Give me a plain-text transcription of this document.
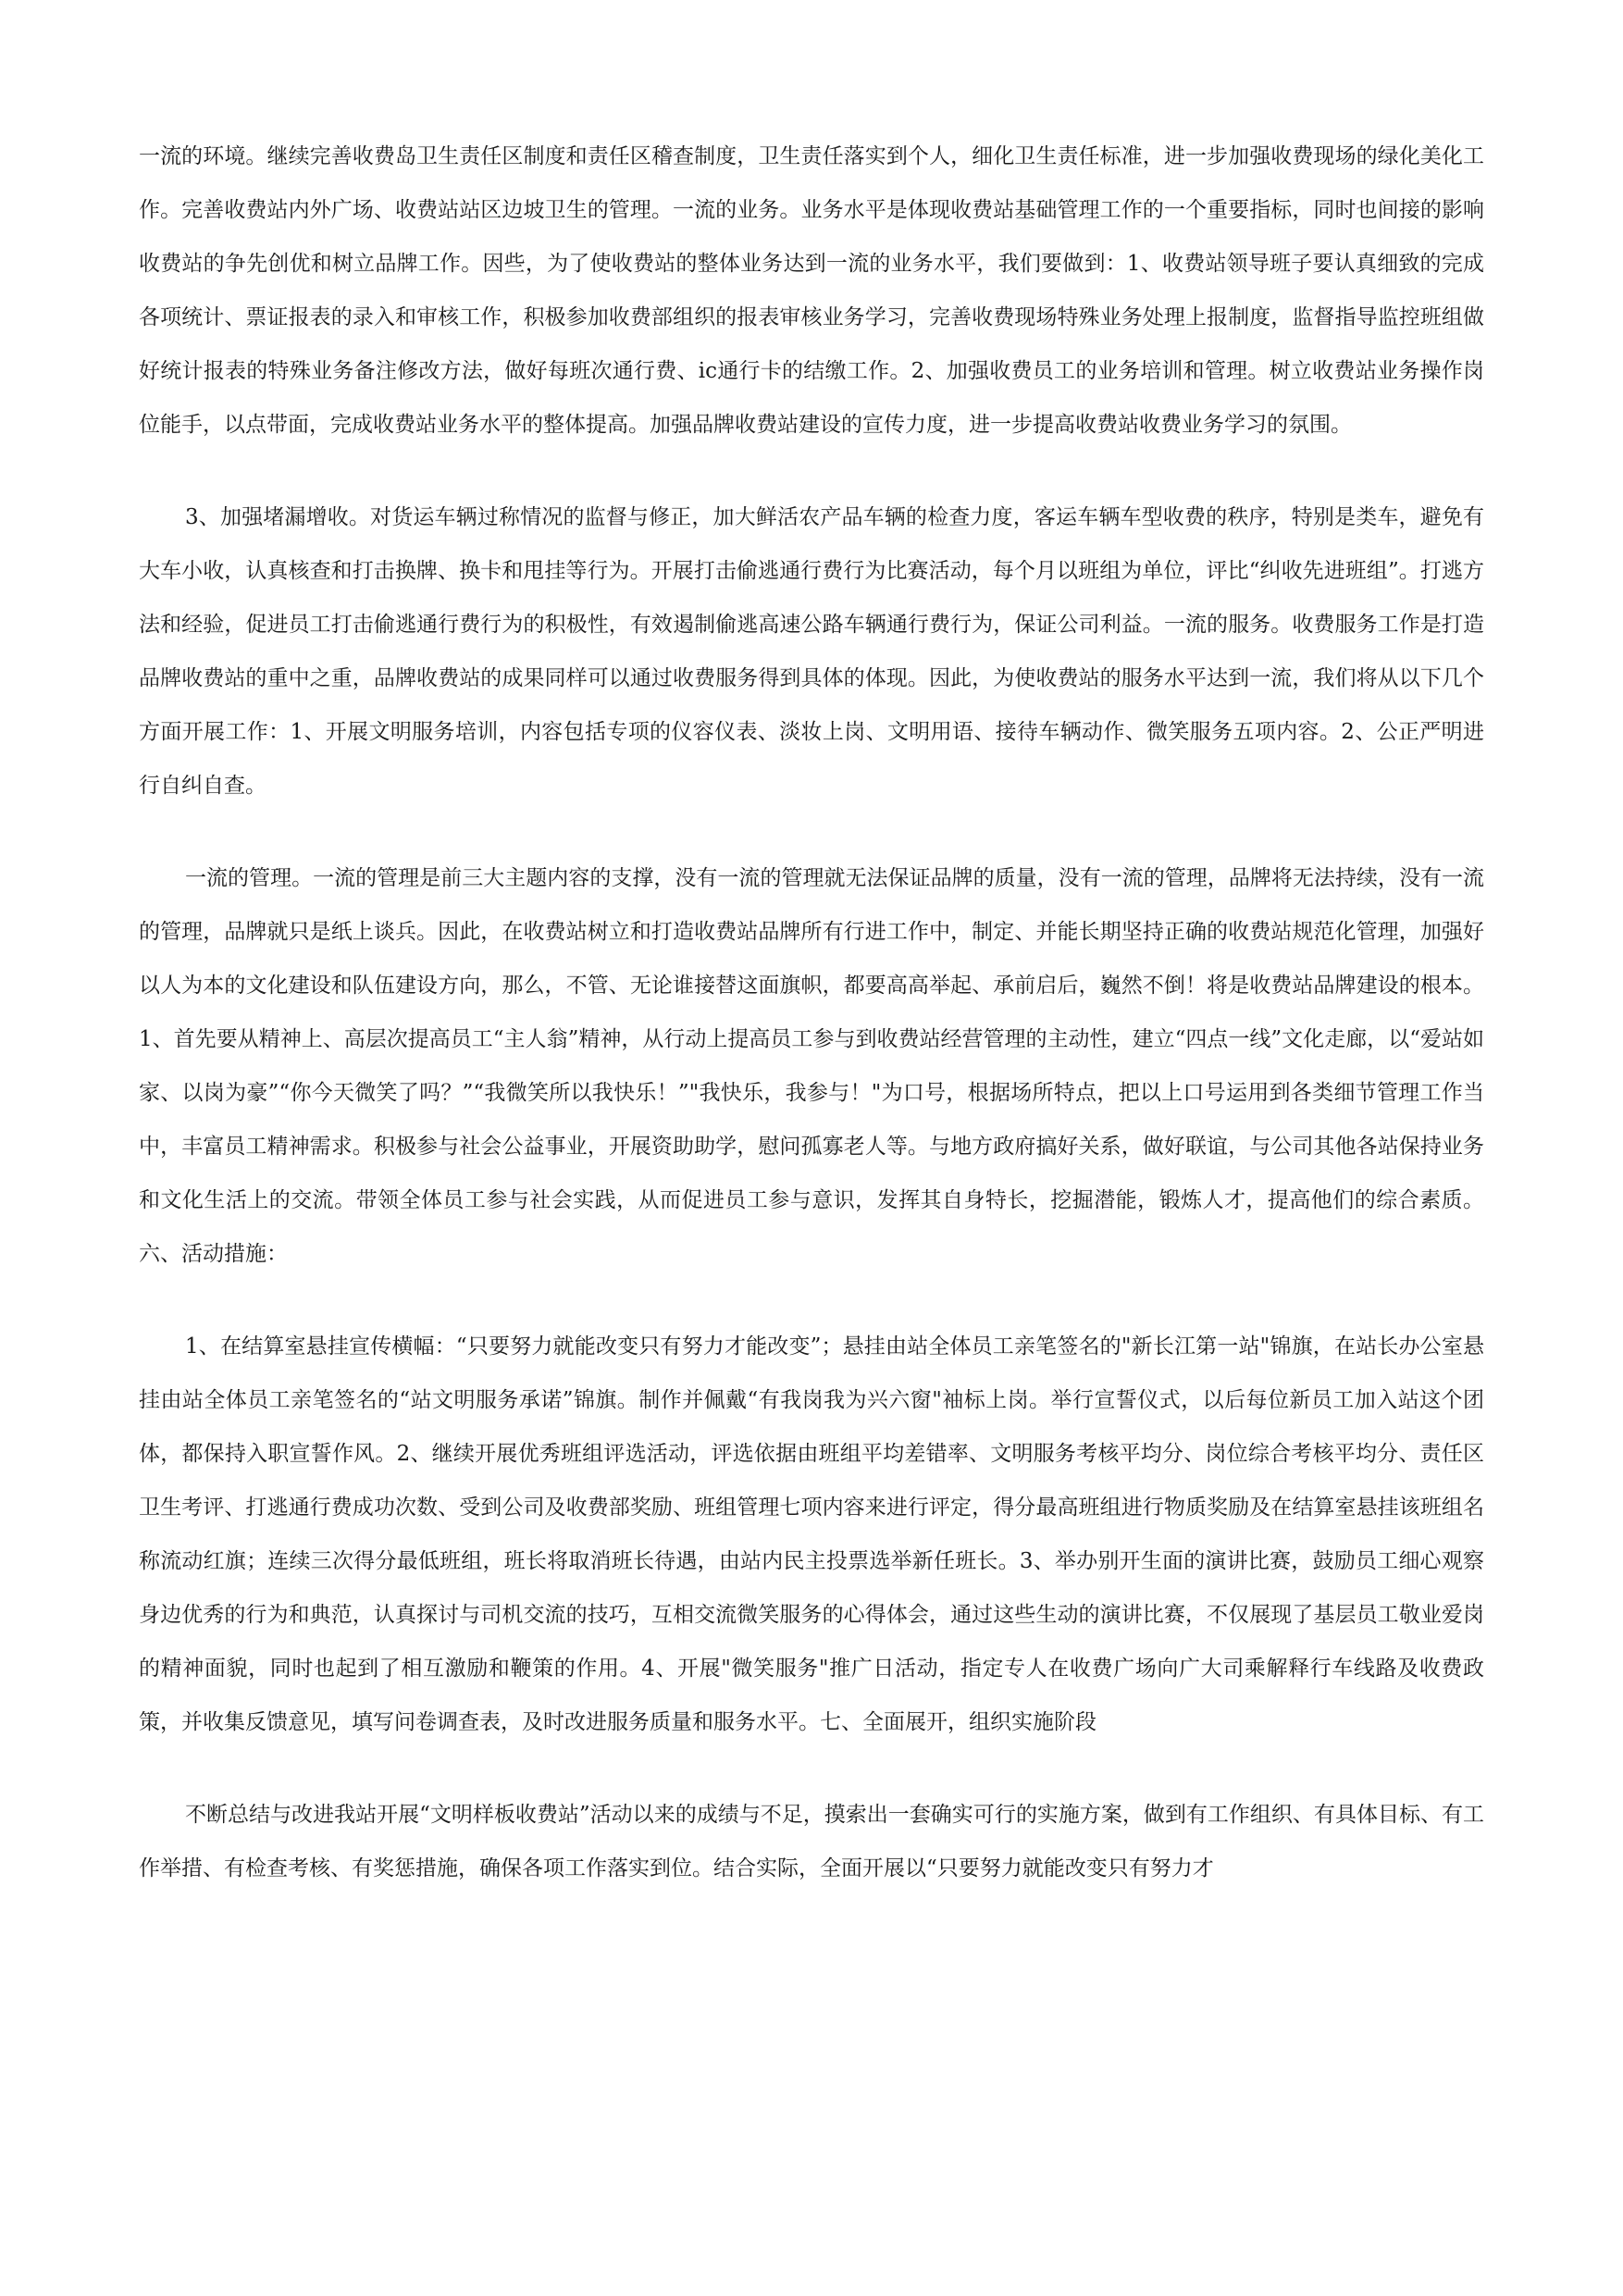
一流的环境。继续完善收费岛卫生责任区制度和责任区稽查制度，卫生责任落实到个人，细化卫生责任标准，进一步加强收费现场的绿化美化工作。完善收费站内外广场、收费站站区边坡卫生的管理。一流的业务。业务水平是体现收费站基础管理工作的一个重要指标，同时也间接的影响收费站的争先创优和树立品牌工作。因些，为了使收费站的整体业务达到一流的业务水平，我们要做到：1、收费站领导班子要认真细致的完成各项统计、票证报表的录入和审核工作，积极参加收费部组织的报表审核业务学习，完善收费现场特殊业务处理上报制度，监督指导监控班组做好统计报表的特殊业务备注修改方法，做好每班次通行费、ic通行卡的结缴工作。2、加强收费员工的业务培训和管理。树立收费站业务操作岗位能手，以点带面，完成收费站业务水平的整体提高。加强品牌收费站建设的宣传力度，进一步提高收费站收费业务学习的氛围。

3、加强堵漏增收。对货运车辆过称情况的监督与修正，加大鲜活农产品车辆的检查力度，客运车辆车型收费的秩序，特别是类车，避免有大车小收，认真核查和打击换牌、换卡和甩挂等行为。开展打击偷逃通行费行为比赛活动，每个月以班组为单位，评比“纠收先进班组”。打逃方法和经验，促进员工打击偷逃通行费行为的积极性，有效遏制偷逃高速公路车辆通行费行为，保证公司利益。一流的服务。收费服务工作是打造品牌收费站的重中之重，品牌收费站的成果同样可以通过收费服务得到具体的体现。因此，为使收费站的服务水平达到一流，我们将从以下几个方面开展工作：1、开展文明服务培训，内容包括专项的仪容仪表、淡妆上岗、文明用语、接待车辆动作、微笑服务五项内容。2、公正严明进行自纠自查。

一流的管理。一流的管理是前三大主题内容的支撑，没有一流的管理就无法保证品牌的质量，没有一流的管理，品牌将无法持续，没有一流的管理，品牌就只是纸上谈兵。因此，在收费站树立和打造收费站品牌所有行进工作中，制定、并能长期坚持正确的收费站规范化管理，加强好以人为本的文化建设和队伍建设方向，那么，不管、无论谁接替这面旗帜，都要高高举起、承前启后，巍然不倒！将是收费站品牌建设的根本。1、首先要从精神上、高层次提高员工“主人翁”精神，从行动上提高员工参与到收费站经营管理的主动性，建立“四点一线”文化走廊，以“爱站如家、以岗为豪”“你今天微笑了吗？”“我微笑所以我快乐！”"我快乐，我参与！"为口号，根据场所特点，把以上口号运用到各类细节管理工作当中，丰富员工精神需求。积极参与社会公益事业，开展资助助学，慰问孤寡老人等。与地方政府搞好关系，做好联谊，与公司其他各站保持业务和文化生活上的交流。带领全体员工参与社会实践，从而促进员工参与意识，发挥其自身特长，挖掘潜能，锻炼人才，提高他们的综合素质。六、活动措施：

1、在结算室悬挂宣传横幅：“只要努力就能改变只有努力才能改变”；悬挂由站全体员工亲笔签名的"新长江第一站"锦旗，在站长办公室悬挂由站全体员工亲笔签名的“站文明服务承诺”锦旗。制作并佩戴“有我岗我为兴六窗"袖标上岗。举行宣誓仪式，以后每位新员工加入站这个团体，都保持入职宣誓作风。2、继续开展优秀班组评选活动，评选依据由班组平均差错率、文明服务考核平均分、岗位综合考核平均分、责任区卫生考评、打逃通行费成功次数、受到公司及收费部奖励、班组管理七项内容来进行评定，得分最高班组进行物质奖励及在结算室悬挂该班组名称流动红旗；连续三次得分最低班组，班长将取消班长待遇，由站内民主投票选举新任班长。3、举办别开生面的演讲比赛，鼓励员工细心观察身边优秀的行为和典范，认真探讨与司机交流的技巧，互相交流微笑服务的心得体会，通过这些生动的演讲比赛，不仅展现了基层员工敬业爱岗的精神面貌，同时也起到了相互激励和鞭策的作用。4、开展"微笑服务"推广日活动，指定专人在收费广场向广大司乘解释行车线路及收费政策，并收集反馈意见，填写问卷调查表，及时改进服务质量和服务水平。七、全面展开，组织实施阶段

不断总结与改进我站开展“文明样板收费站”活动以来的成绩与不足，摸索出一套确实可行的实施方案，做到有工作组织、有具体目标、有工作举措、有检查考核、有奖惩措施，确保各项工作落实到位。结合实际，全面开展以“只要努力就能改变只有努力才
